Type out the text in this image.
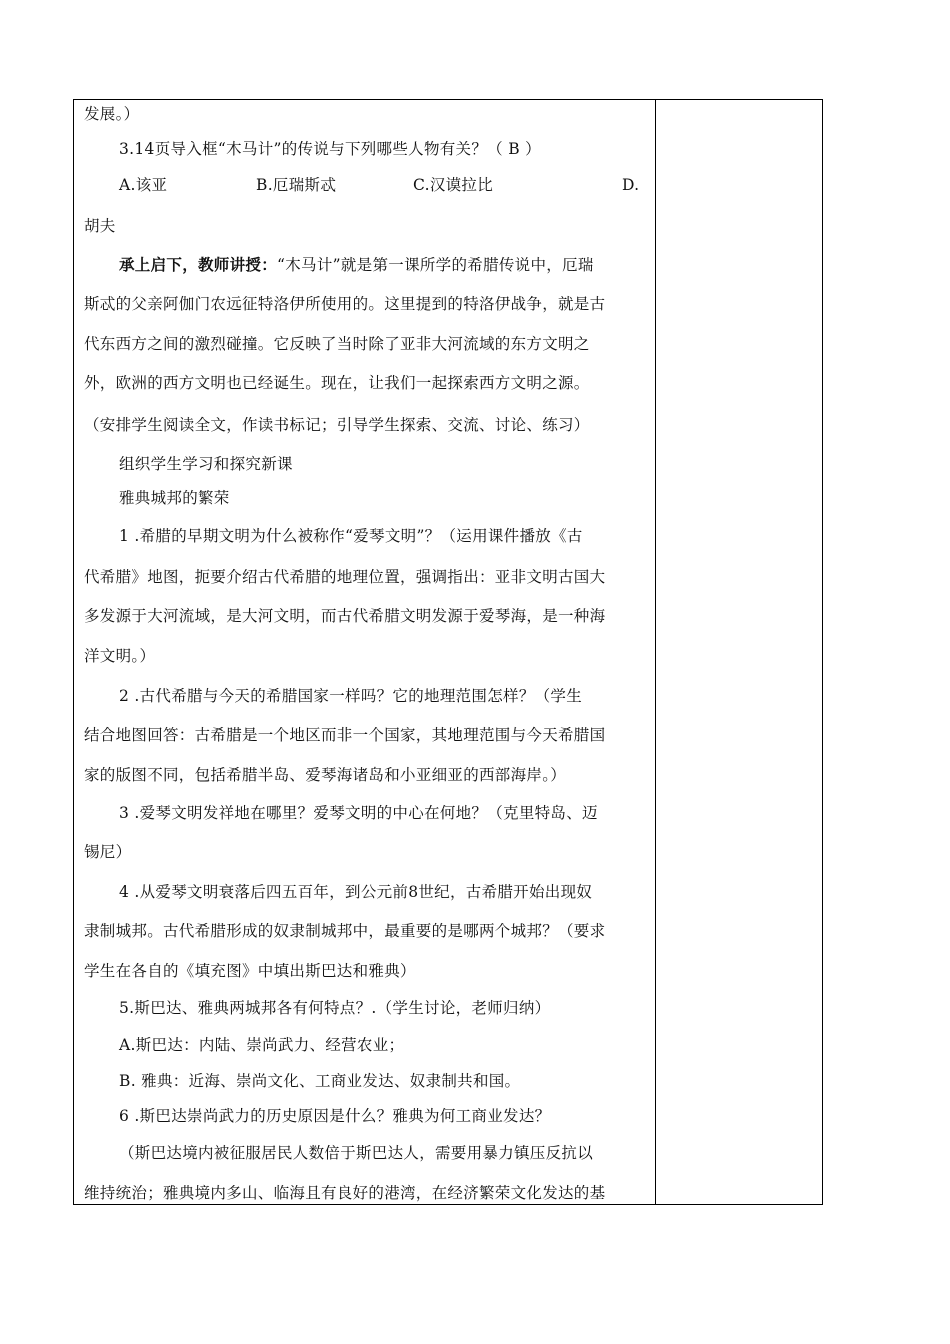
发展。）
3.14页导入框“木马计”的传说与下列哪些人物有关？（ B ）
A.该亚	B.厄瑞斯忒	C.汉谟拉比	D.
胡夫
承上启下，教师讲授：“木马计”就是第一课所学的希腊传说中，厄瑞
斯忒的父亲阿伽门农远征特洛伊所使用的。这里提到的特洛伊战争，就是古
代东西方之间的激烈碰撞。它反映了当时除了亚非大河流域的东方文明之
外，欧洲的西方文明也已经诞生。现在，让我们一起探索西方文明之源。
（安排学生阅读全文，作读书标记；引导学生探索、交流、讨论、练习）
组织学生学习和探究新课
雅典城邦的繁荣
1 .希腊的早期文明为什么被称作“爱琴文明”？（运用课件播放《古
代希腊》地图，扼要介绍古代希腊的地理位置，强调指出：亚非文明古国大
多发源于大河流域，是大河文明，而古代希腊文明发源于爱琴海，是一种海
洋文明。）
2 .古代希腊与今天的希腊国家一样吗？它的地理范围怎样？（学生
结合地图回答：古希腊是一个地区而非一个国家，其地理范围与今天希腊国
家的版图不同，包括希腊半岛、爱琴海诸岛和小亚细亚的西部海岸。）
3 .爱琴文明发祥地在哪里？爱琴文明的中心在何地？（克里特岛、迈
锡尼）
4 .从爱琴文明衰落后四五百年，到公元前8世纪，古希腊开始出现奴
隶制城邦。古代希腊形成的奴隶制城邦中，最重要的是哪两个城邦？（要求
学生在各自的《填充图》中填出斯巴达和雅典）
5.斯巴达、雅典两城邦各有何特点？.（学生讨论，老师归纳）
A.斯巴达：内陆、崇尚武力、经营农业；
B. 雅典：近海、崇尚文化、工商业发达、奴隶制共和国。
6 .斯巴达崇尚武力的历史原因是什么？雅典为何工商业发达？
（斯巴达境内被征服居民人数倍于斯巴达人，需要用暴力镇压反抗以
维持统治；雅典境内多山、临海且有良好的港湾，在经济繁荣文化发达的基
